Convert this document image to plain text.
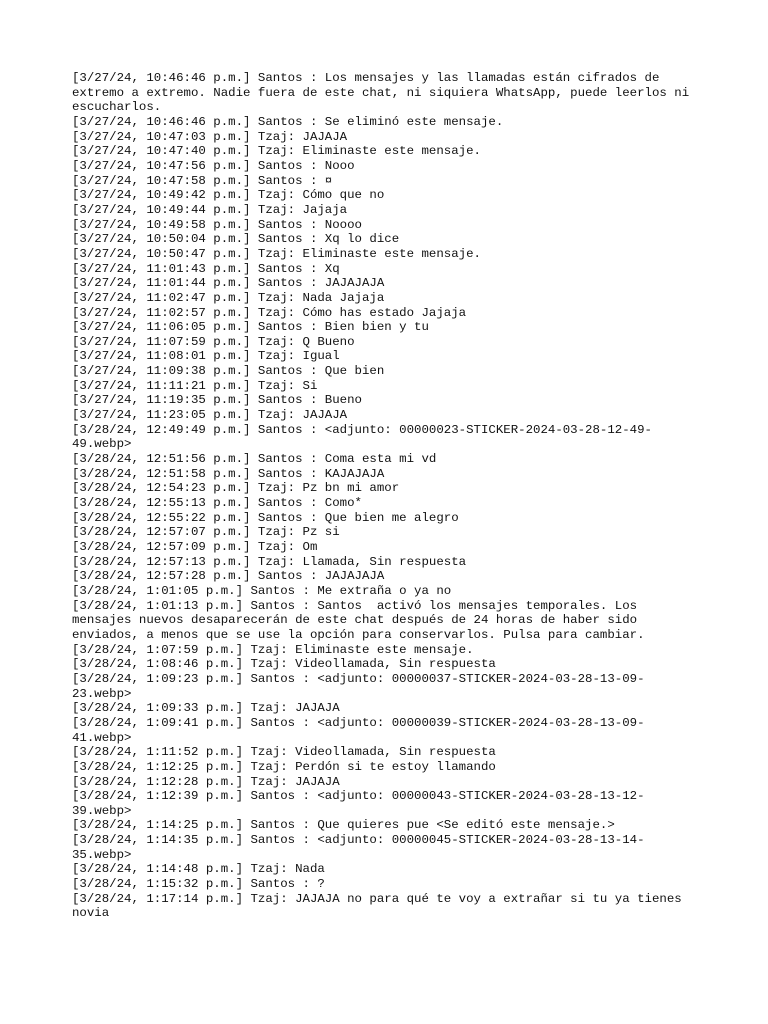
[3/27/24, 10:46:46 p.m.] Santos : Los mensajes y las llamadas están cifrados de
extremo a extremo. Nadie fuera de este chat, ni siquiera WhatsApp, puede leerlos ni
escucharlos.
[3/27/24, 10:46:46 p.m.] Santos : Se eliminó este mensaje.
[3/27/24, 10:47:03 p.m.] Tzaj: JAJAJA
[3/27/24, 10:47:40 p.m.] Tzaj: Eliminaste este mensaje.
[3/27/24, 10:47:56 p.m.] Santos : Nooo
[3/27/24, 10:47:58 p.m.] Santos : ¤
[3/27/24, 10:49:42 p.m.] Tzaj: Cómo que no
[3/27/24, 10:49:44 p.m.] Tzaj: Jajaja
[3/27/24, 10:49:58 p.m.] Santos : Noooo
[3/27/24, 10:50:04 p.m.] Santos : Xq lo dice
[3/27/24, 10:50:47 p.m.] Tzaj: Eliminaste este mensaje.
[3/27/24, 11:01:43 p.m.] Santos : Xq
[3/27/24, 11:01:44 p.m.] Santos : JAJAJAJA
[3/27/24, 11:02:47 p.m.] Tzaj: Nada Jajaja
[3/27/24, 11:02:57 p.m.] Tzaj: Cómo has estado Jajaja
[3/27/24, 11:06:05 p.m.] Santos : Bien bien y tu
[3/27/24, 11:07:59 p.m.] Tzaj: Q Bueno
[3/27/24, 11:08:01 p.m.] Tzaj: Igual
[3/27/24, 11:09:38 p.m.] Santos : Que bien
[3/27/24, 11:11:21 p.m.] Tzaj: Si
[3/27/24, 11:19:35 p.m.] Santos : Bueno
[3/27/24, 11:23:05 p.m.] Tzaj: JAJAJA
[3/28/24, 12:49:49 p.m.] Santos : <adjunto: 00000023-STICKER-2024-03-28-12-49-
49.webp>
[3/28/24, 12:51:56 p.m.] Santos : Coma esta mi vd
[3/28/24, 12:51:58 p.m.] Santos : KAJAJAJA
[3/28/24, 12:54:23 p.m.] Tzaj: Pz bn mi amor
[3/28/24, 12:55:13 p.m.] Santos : Como*
[3/28/24, 12:55:22 p.m.] Santos : Que bien me alegro
[3/28/24, 12:57:07 p.m.] Tzaj: Pz si
[3/28/24, 12:57:09 p.m.] Tzaj: Om
[3/28/24, 12:57:13 p.m.] Tzaj: Llamada, Sin respuesta
[3/28/24, 12:57:28 p.m.] Santos : JAJAJAJA
[3/28/24, 1:01:05 p.m.] Santos : Me extraña o ya no
[3/28/24, 1:01:13 p.m.] Santos : Santos  activó los mensajes temporales. Los
mensajes nuevos desaparecerán de este chat después de 24 horas de haber sido
enviados, a menos que se use la opción para conservarlos. Pulsa para cambiar.
[3/28/24, 1:07:59 p.m.] Tzaj: Eliminaste este mensaje.
[3/28/24, 1:08:46 p.m.] Tzaj: Videollamada, Sin respuesta
[3/28/24, 1:09:23 p.m.] Santos : <adjunto: 00000037-STICKER-2024-03-28-13-09-
23.webp>
[3/28/24, 1:09:33 p.m.] Tzaj: JAJAJA
[3/28/24, 1:09:41 p.m.] Santos : <adjunto: 00000039-STICKER-2024-03-28-13-09-
41.webp>
[3/28/24, 1:11:52 p.m.] Tzaj: Videollamada, Sin respuesta
[3/28/24, 1:12:25 p.m.] Tzaj: Perdón si te estoy llamando
[3/28/24, 1:12:28 p.m.] Tzaj: JAJAJA
[3/28/24, 1:12:39 p.m.] Santos : <adjunto: 00000043-STICKER-2024-03-28-13-12-
39.webp>
[3/28/24, 1:14:25 p.m.] Santos : Que quieres pue <Se editó este mensaje.>
[3/28/24, 1:14:35 p.m.] Santos : <adjunto: 00000045-STICKER-2024-03-28-13-14-
35.webp>
[3/28/24, 1:14:48 p.m.] Tzaj: Nada
[3/28/24, 1:15:32 p.m.] Santos : ?
[3/28/24, 1:17:14 p.m.] Tzaj: JAJAJA no para qué te voy a extrañar si tu ya tienes
novia
